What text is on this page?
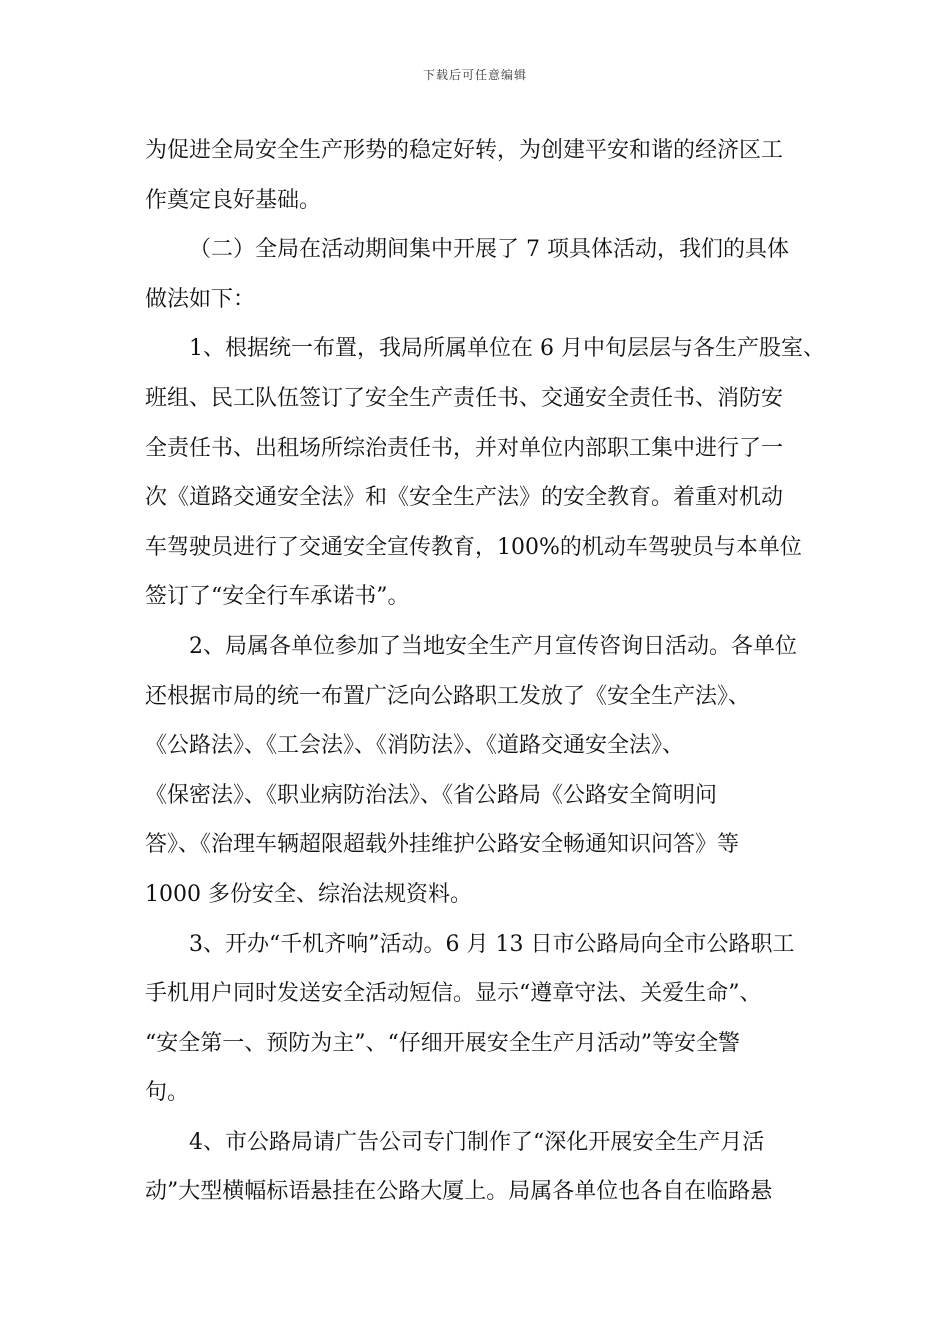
下载后可任意编辑
为促进全局安全生产形势的稳定好转，为创建平安和谐的经济区工
作奠定良好基础。
（二）全局在活动期间集中开展了 7 项具体活动，我们的具体
做法如下：
1、根据统一布置，我局所属单位在 6 月中旬层层与各生产股室、
班组、民工队伍签订了安全生产责任书、交通安全责任书、消防安
全责任书、出租场所综治责任书，并对单位内部职工集中进行了一
次《道路交通安全法》和《安全生产法》的安全教育。着重对机动
车驾驶员进行了交通安全宣传教育，100%的机动车驾驶员与本单位
签订了“安全行车承诺书”。
2、局属各单位参加了当地安全生产月宣传咨询日活动。各单位
还根据市局的统一布置广泛向公路职工发放了《安全生产法》、
《公路法》、《工会法》、《消防法》、《道路交通安全法》、
《保密法》、《职业病防治法》、《省公路局《公路安全简明问
答》、《治理车辆超限超载外挂维护公路安全畅通知识问答》等
1000 多份安全、综治法规资料。
3、开办“千机齐响”活动。6 月 13 日市公路局向全市公路职工
手机用户同时发送安全活动短信。显示“遵章守法、关爱生命”、
“安全第一、预防为主”、“仔细开展安全生产月活动”等安全警
句。
4、市公路局请广告公司专门制作了“深化开展安全生产月活
动”大型横幅标语悬挂在公路大厦上。局属各单位也各自在临路悬
